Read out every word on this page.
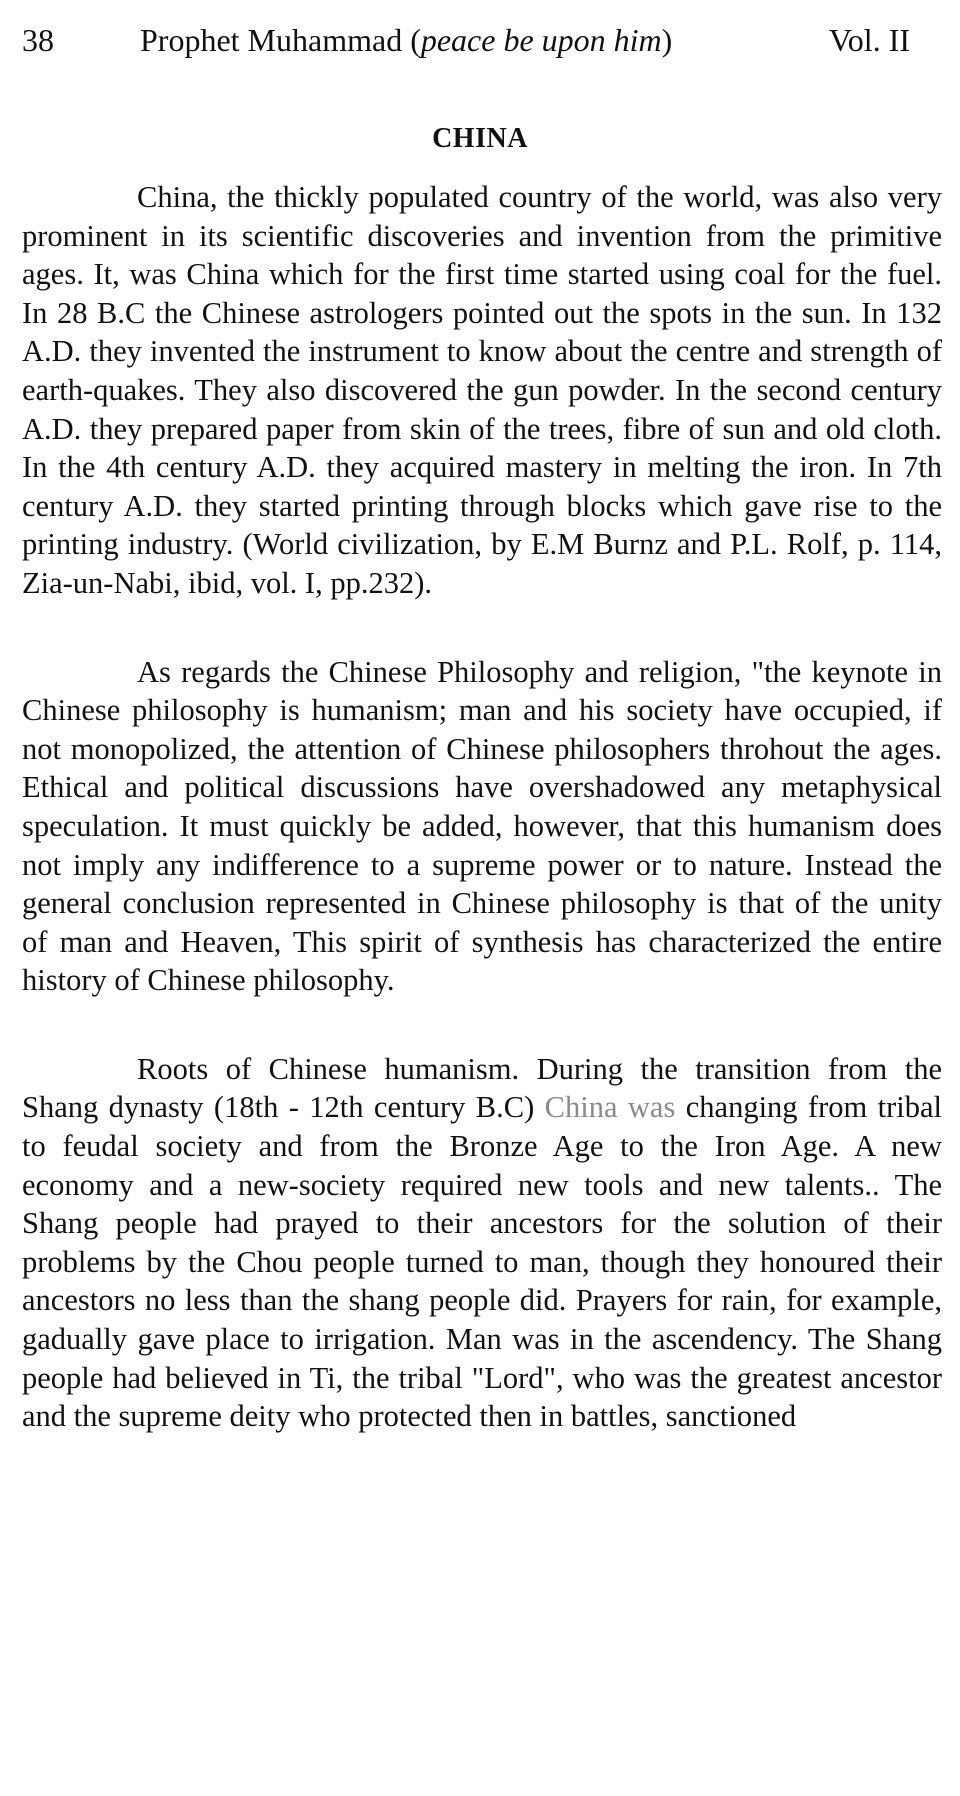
38	Prophet Muhammad (peace be upon him)	Vol. II
CHINA

China, the thickly populated country of the world, was also very prominent in its scientific discoveries and invention from the primitive ages. It, was China which for the first time started using coal for the fuel. In 28 B.C the Chinese astrologers pointed out the spots in the sun. In 132 A.D. they invented the instrument to know about the centre and strength of earth-quakes. They also discovered the gun powder. In the second century A.D. they prepared paper from skin of the trees, fibre of sun and old cloth. In the 4th century A.D. they acquired mastery in melting the iron. In 7th century A.D. they started printing through blocks which gave rise to the printing industry. (World civilization, by E.M Burnz and P.L. Rolf, p. 114, Zia-un-Nabi, ibid, vol. I, pp.232).

As regards the Chinese Philosophy and religion, "the keynote in Chinese philosophy is humanism; man and his society have occupied, if not monopolized, the attention of Chinese philosophers throhout the ages. Ethical and political discussions have overshadowed any metaphysical speculation. It must quickly be added, however, that this humanism does not imply any indifference to a supreme power or to nature. Instead the general conclusion represented in Chinese philosophy is that of the unity of man and Heaven, This spirit of synthesis has characterized the entire history of Chinese philosophy.

Roots of Chinese humanism. During the transition from the Shang dynasty (18th - 12th century B.C) China was changing from tribal to feudal society and from the Bronze Age to the Iron Age. A new economy and a new-society required new tools and new talents.. The Shang people had prayed to their ancestors for the solution of their problems by the Chou people turned to man, though they honoured their ancestors no less than the shang people did. Prayers for rain, for example, gadually gave place to irrigation. Man was in the ascendency. The Shang people had believed in Ti, the tribal "Lord", who was the greatest ancestor and the supreme deity who protected then in battles, sanctioned
